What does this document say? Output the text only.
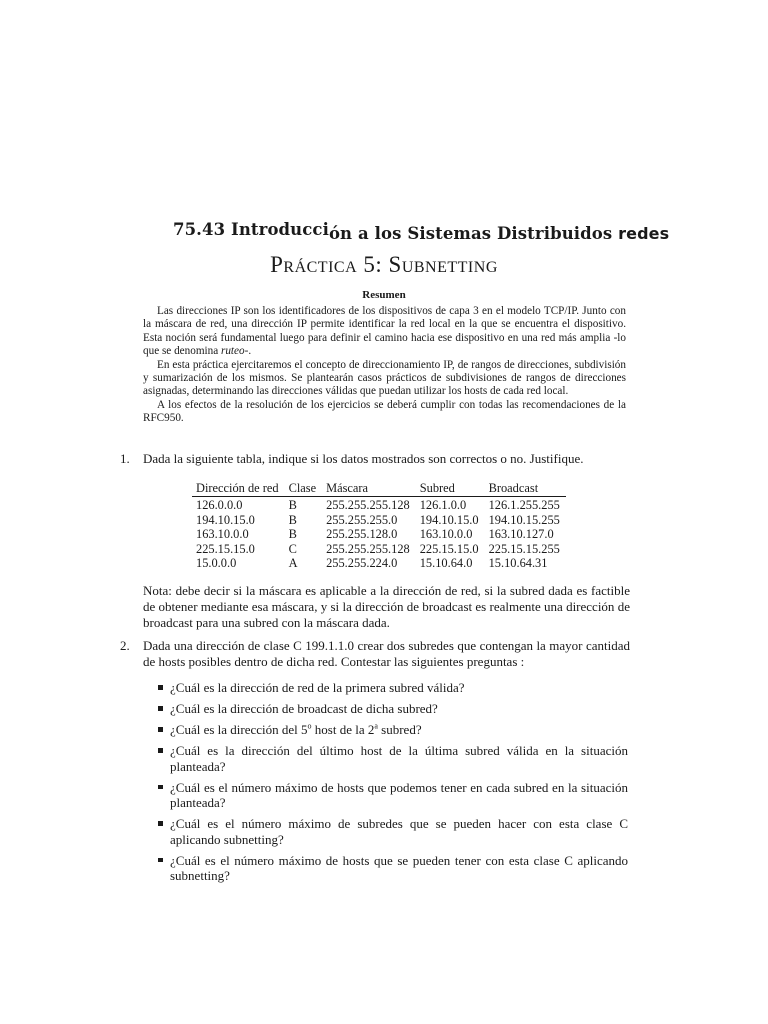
75.43 Introducción a los Sistemas Distribuidos redes
Práctica 5: Subnetting
Resumen

Las direcciones IP son los identificadores de los dispositivos de capa 3 en el modelo TCP/IP. Junto con la máscara de red, una dirección IP permite identificar la red local en la que se encuentra el dispositivo. Esta noción será fundamental luego para definir el camino hacia ese dispositivo en una red más amplia -lo que se denomina ruteo-.

En esta práctica ejercitaremos el concepto de direccionamiento IP, de rangos de direcciones, subdivisión y sumarización de los mismos. Se plantearán casos prácticos de subdivisiones de rangos de direcciones asignadas, determinando las direcciones válidas que puedan utilizar los hosts de cada red local.

A los efectos de la resolución de los ejercicios se deberá cumplir con todas las recomendaciones de la RFC950.

1. Dada la siguiente tabla, indique si los datos mostrados son correctos o no. Justifique.
Dirección de red	Clase	Máscara	Subred	Broadcast
126.0.0.0	B	255.255.255.128	126.1.0.0	126.1.255.255
194.10.15.0	B	255.255.255.0	194.10.15.0	194.10.15.255
163.10.0.0	B	255.255.128.0	163.10.0.0	163.10.127.0
225.15.15.0	C	255.255.255.128	225.15.15.0	225.15.15.255
15.0.0.0	A	255.255.224.0	15.10.64.0	15.10.64.31
Nota: debe decir si la máscara es aplicable a la dirección de red, si la subred dada es factible de obtener mediante esa máscara, y si la dirección de broadcast es realmente una dirección de broadcast para una subred con la máscara dada.
2. Dada una dirección de clase C 199.1.1.0 crear dos subredes que contengan la mayor cantidad de hosts posibles dentro de dicha red. Contestar las siguientes preguntas :
¿Cuál es la dirección de red de la primera subred válida?
¿Cuál es la dirección de broadcast de dicha subred?
¿Cuál es la dirección del 5$^o$ host de la 2$^a$ subred?
¿Cuál es la dirección del último host de la última subred válida en la situación planteada?
¿Cuál es el número máximo de hosts que podemos tener en cada subred en la situación planteada?
¿Cuál es el número máximo de subredes que se pueden hacer con esta clase C aplicando subnetting?
¿Cuál es el número máximo de hosts que se pueden tener con esta clase C aplicando subnetting?
